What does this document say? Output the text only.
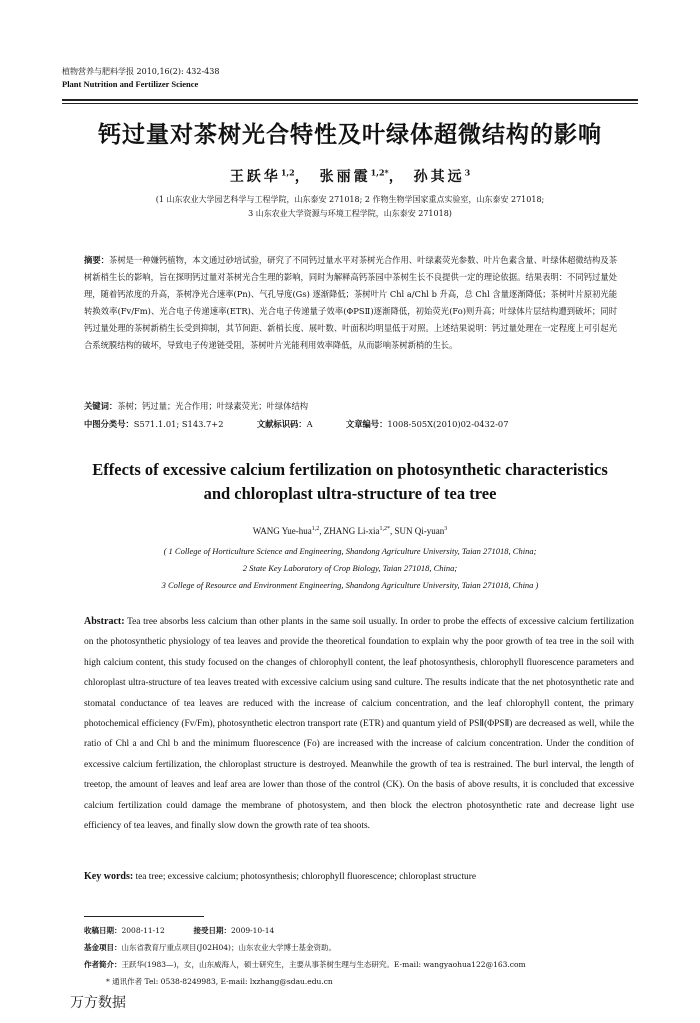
植物营养与肥料学报 2010,16(2): 432-438
Plant Nutrition and Fertilizer Science
钙过量对茶树光合特性及叶绿体超微结构的影响
王跃华$^{1,2}$， 张丽霞$^{1,2*}$， 孙其远$^3$
(1 山东农业大学园艺科学与工程学院，山东泰安 271018; 2 作物生物学国家重点实验室，山东泰安 271018;
3 山东农业大学资源与环境工程学院，山东泰安 271018)
摘要：茶树是一种嫌钙植物，本文通过砂培试验，研究了不同钙过量水平对茶树光合作用、叶绿素荧光参数、叶片色素含量、叶绿体超微结构及茶树新梢生长的影响，旨在探明钙过量对茶树光合生理的影响，同时为解释高钙茶园中茶树生长不良提供一定的理论依据。结果表明：不同钙过量处理，随着钙浓度的升高，茶树净光合速率(Pn)、气孔导度(Gs) 逐渐降低；茶树叶片 Chl a/Chl b 升高，总 Chl 含量逐渐降低；茶树叶片原初光能转换效率(Fv/Fm)、光合电子传递速率(ETR)、光合电子传递量子效率(ΦPSⅡ)逐渐降低，初始荧光(Fo)则升高；叶绿体片层结构遭到破坏；同时钙过量处理的茶树新梢生长受到抑制，其节间距、新梢长度、展叶数、叶面积均明显低于对照。上述结果说明：钙过量处理在一定程度上可引起光合系统膜结构的破坏，导致电子传递链受阻，茶树叶片光能利用效率降低，从而影响茶树新梢的生长。
关键词：茶树；钙过量；光合作用；叶绿素荧光；叶绿体结构
中图分类号：S571.1.01; S143.7+2	文献标识码：A	文章编号：1008-505X(2010)02-0432-07
Effects of excessive calcium fertilization on photosynthetic characteristics
and chloroplast ultra-structure of tea tree
WANG Yue-hua$^{1,2}$, ZHANG Li-xia$^{1,2*}$, SUN Qi-yuan$^3$
( 1 College of Horticulture Science and Engineering, Shandong Agriculture University, Taian 271018, China;
2 State Key Laboratory of Crop Biology, Taian 271018, China;
3 College of Resource and Environment Engineering, Shandong Agriculture University, Taian 271018, China )
Abstract: Tea tree absorbs less calcium than other plants in the same soil usually. In order to probe the effects of excessive calcium fertilization on the photosynthetic physiology of tea leaves and provide the theoretical foundation to explain why the poor growth of tea tree in the soil with high calcium content, this study focused on the changes of chlorophyll content, the leaf photosynthesis, chlorophyll fluorescence parameters and chloroplast ultra-structure of tea leaves treated with excessive calcium using sand culture. The results indicate that the net photosynthetic rate and stomatal conductance of tea leaves are reduced with the increase of calcium concentration, and the leaf chlorophyll content, the primary photochemical efficiency (Fv/Fm), photosynthetic electron transport rate (ETR) and quantum yield of PSⅡ(ΦPSⅡ) are decreased as well, while the ratio of Chl a and Chl b and the minimum fluorescence (Fo) are increased with the increase of calcium concentration. Under the condition of excessive calcium fertilization, the chloroplast structure is destroyed. Meanwhile the growth of tea is restrained. The burl interval, the length of treetop, the amount of leaves and leaf area are lower than those of the control (CK). On the basis of above results, it is concluded that excessive calcium fertilization could damage the membrane of photosystem, and then block the electron photosynthetic rate and decrease light use efficiency of tea leaves, and finally slow down the growth rate of tea shoots.
Key words: tea tree; excessive calcium; photosynthesis; chlorophyll fluorescence; chloroplast structure
收稿日期：2008-11-12	接受日期：2009-10-14
基金项目：山东省教育厅重点项目(J02H04)；山东农业大学博士基金资助。
作者简介：王跃华(1983—)，女，山东威海人，硕士研究生，主要从事茶树生理与生态研究。E-mail: wangyaohua122@163.com
* 通讯作者 Tel: 0538-8249983, E-mail: lxzhang@sdau.edu.cn
万方数据
